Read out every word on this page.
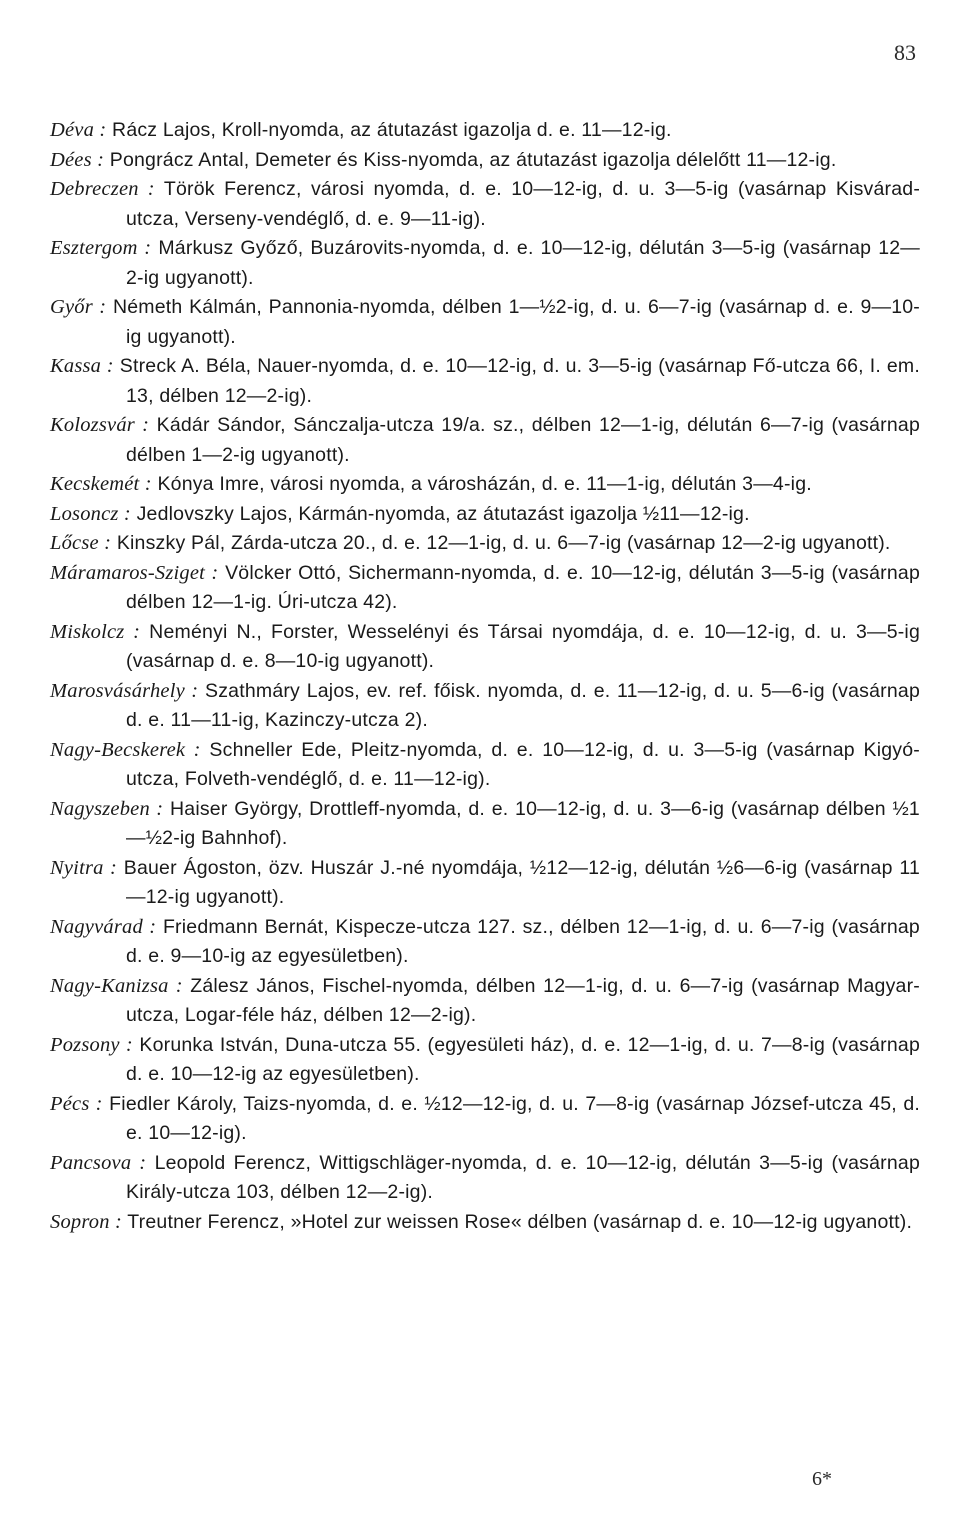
83

Déva : Rácz Lajos, Kroll-nyomda, az átutazást igazolja d. e. 11—12-ig.

Dées : Pongrácz Antal, Demeter és Kiss-nyomda, az átutazást igazolja délelőtt 11—12-ig.

Debreczen : Török Ferencz, városi nyomda, d. e. 10—12-ig, d. u. 3—5-ig (vasárnap Kisvárad-utcza, Verseny-vendéglő, d. e. 9—11-ig).

Esztergom : Márkusz Győző, Buzárovits-nyomda, d. e. 10—12-ig, délután 3—5-ig (vasárnap 12—2-ig ugyanott).

Győr : Németh Kálmán, Pannonia-nyomda, délben 1—½2-ig, d. u. 6—7-ig (vasárnap d. e. 9—10-ig ugyanott).

Kassa : Streck A. Béla, Nauer-nyomda, d. e. 10—12-ig, d. u. 3—5-ig (vasárnap Fő-utcza 66, I. em. 13, délben 12—2-ig).

Kolozsvár : Kádár Sándor, Sánczalja-utcza 19/a. sz., délben 12—1-ig, délután 6—7-ig (vasárnap délben 1—2-ig ugyanott).

Kecskemét : Kónya Imre, városi nyomda, a városházán, d. e. 11—1-ig, délután 3—4-ig.

Losoncz : Jedlovszky Lajos, Kármán-nyomda, az átutazást igazolja ½11—12-ig.

Lőcse : Kinszky Pál, Zárda-utcza 20., d. e. 12—1-ig, d. u. 6—7-ig (vasárnap 12—2-ig ugyanott).

Máramaros-Sziget : Völcker Ottó, Sichermann-nyomda, d. e. 10—12-ig, délután 3—5-ig (vasárnap délben 12—1-ig. Úri-utcza 42).

Miskolcz : Neményi N., Forster, Wesselényi és Társai nyomdája, d. e. 10—12-ig, d. u. 3—5-ig (vasárnap d. e. 8—10-ig ugyanott).

Marosvásárhely : Szathmáry Lajos, ev. ref. főisk. nyomda, d. e. 11—12-ig, d. u. 5—6-ig (vasárnap d. e. 11—11-ig, Kazinczy-utcza 2).

Nagy-Becskerek : Schneller Ede, Pleitz-nyomda, d. e. 10—12-ig, d. u. 3—5-ig (vasárnap Kigyó-utcza, Folveth-vendéglő, d. e. 11—12-ig).

Nagyszeben : Haiser György, Drottleff-nyomda, d. e. 10—12-ig, d. u. 3—6-ig (vasárnap délben ½1—½2-ig Bahnhof).

Nyitra : Bauer Ágoston, özv. Huszár J.-né nyomdája, ½12—12-ig, délután ½6—6-ig (vasárnap 11—12-ig ugyanott).

Nagyvárad : Friedmann Bernát, Kispecze-utcza 127. sz., délben 12—1-ig, d. u. 6—7-ig (vasárnap d. e. 9—10-ig az egyesületben).

Nagy-Kanizsa : Zálesz János, Fischel-nyomda, délben 12—1-ig, d. u. 6—7-ig (vasárnap Magyar-utcza, Logar-féle ház, délben 12—2-ig).

Pozsony : Korunka István, Duna-utcza 55. (egyesületi ház), d. e. 12—1-ig, d. u. 7—8-ig (vasárnap d. e. 10—12-ig az egyesületben).

Pécs : Fiedler Károly, Taizs-nyomda, d. e. ½12—12-ig, d. u. 7—8-ig (vasárnap József-utcza 45, d. e. 10—12-ig).

Pancsova : Leopold Ferencz, Wittigschläger-nyomda, d. e. 10—12-ig, délután 3—5-ig (vasárnap Király-utcza 103, délben 12—2-ig).

Sopron : Treutner Ferencz, »Hotel zur weissen Rose« délben (vasárnap d. e. 10—12-ig ugyanott).

6*
